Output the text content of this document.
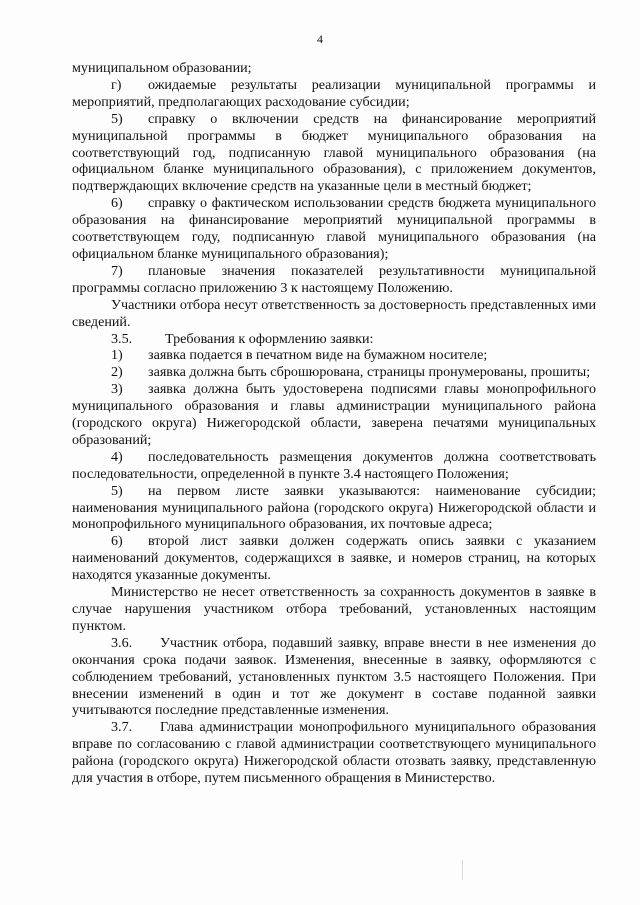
4

муниципальном образовании;

г) ожидаемые результаты реализации муниципальной программы и мероприятий, предполагающих расходование субсидии;

5) справку о включении средств на финансирование мероприятий муниципальной программы в бюджет муниципального образования на соответствующий год, подписанную главой муниципального образования (на официальном бланке муниципального образования), с приложением документов, подтверждающих включение средств на указанные цели в местный бюджет;

6) справку о фактическом использовании средств бюджета муниципального образования на финансирование мероприятий муниципальной программы в соответствующем году, подписанную главой муниципального образования (на официальном бланке муниципального образования);

7) плановые значения показателей результативности муниципальной программы согласно приложению 3 к настоящему Положению.

Участники отбора несут ответственность за достоверность представленных ими сведений.

3.5. Требования к оформлению заявки:

1) заявка подается в печатном виде на бумажном носителе;

2) заявка должна быть сброшюрована, страницы пронумерованы, прошиты;

3) заявка должна быть удостоверена подписями главы монопрофильного муниципального образования и главы администрации муниципального района (городского округа) Нижегородской области, заверена печатями муниципальных образований;

4) последовательность размещения документов должна соответствовать последовательности, определенной в пункте 3.4 настоящего Положения;

5) на первом листе заявки указываются: наименование субсидии; наименования муниципального района (городского округа) Нижегородской области и монопрофильного муниципального образования, их почтовые адреса;

6) второй лист заявки должен содержать опись заявки с указанием наименований документов, содержащихся в заявке, и номеров страниц, на которых находятся указанные документы.

Министерство не несет ответственность за сохранность документов в заявке в случае нарушения участником отбора требований, установленных настоящим пунктом.

3.6. Участник отбора, подавший заявку, вправе внести в нее изменения до окончания срока подачи заявок. Изменения, внесенные в заявку, оформляются с соблюдением требований, установленных пунктом 3.5 настоящего Положения. При внесении изменений в один и тот же документ в составе поданной заявки учитываются последние представленные изменения.

3.7. Глава администрации монопрофильного муниципального образования вправе по согласованию с главой администрации соответствующего муниципального района (городского округа) Нижегородской области отозвать заявку, представленную для участия в отборе, путем письменного обращения в Министерство.
